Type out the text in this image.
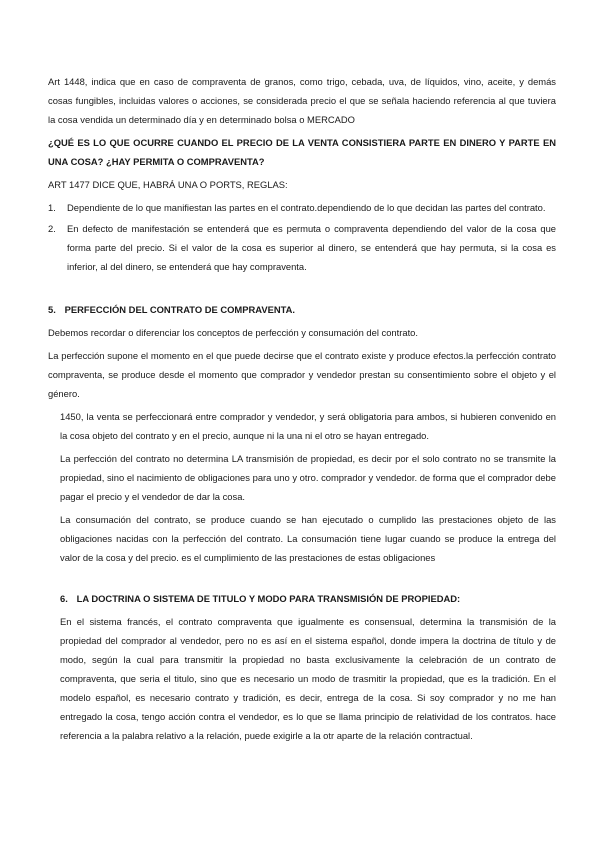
Art 1448, indica que en caso de compraventa de granos, como trigo, cebada, uva, de líquidos, vino, aceite, y demás cosas fungibles, incluidas valores o acciones, se considerada precio el que se señala haciendo referencia al que tuviera la cosa vendida un determinado día y en determinado bolsa o MERCADO

¿QUÉ ES LO QUE OCURRE CUANDO EL PRECIO DE LA VENTA CONSISTIERA PARTE EN DINERO Y PARTE EN UNA COSA? ¿HAY PERMITA O COMPRAVENTA?

ART 1477 DICE QUE, HABRÁ UNA O PORTS, REGLAS:

1. Dependiente de lo que manifiestan las partes en el contrato.dependiendo de lo que decidan las partes del contrato.
2. En defecto de manifestación se entenderá que es permuta o compraventa dependiendo del valor de la cosa que forma parte del precio. Si el valor de la cosa es superior al dinero, se entenderá que hay permuta, si la cosa es inferior, al del dinero, se entenderá que hay compraventa.

5. PERFECCIÓN DEL CONTRATO DE COMPRAVENTA.

Debemos recordar o diferenciar los conceptos de perfección y consumación del contrato.

La perfección supone el momento en el que puede decirse que el contrato existe y produce efectos.la perfección contrato compraventa, se produce desde el momento que comprador y vendedor prestan su consentimiento sobre el objeto y el género.

1450, la venta se perfeccionará entre comprador y vendedor, y será obligatoria para ambos, si hubieren convenido en la cosa objeto del contrato y en el precio, aunque ni la una ni el otro se hayan entregado.

La perfección del contrato no determina LA transmisión de propiedad, es decir por el solo contrato no se transmite la propiedad, sino el nacimiento de obligaciones para uno y otro. comprador y vendedor. de forma que el comprador debe pagar el precio y el vendedor de dar la cosa.

La consumación del contrato, se produce cuando se han ejecutado o cumplido las prestaciones objeto de las obligaciones nacidas con la perfección del contrato. La consumación tiene lugar cuando se produce la entrega del valor de la cosa y del precio. es el cumplimiento de las prestaciones de estas obligaciones

6. LA DOCTRINA O SISTEMA DE TITULO Y MODO PARA TRANSMISIÓN DE PROPIEDAD:

En el sistema francés, el contrato compraventa que igualmente es consensual, determina la transmisión de la propiedad del comprador al vendedor, pero no es así en el sistema español, donde impera la doctrina de título y de modo, según la cual para transmitir la propiedad no basta exclusivamente la celebración de un contrato de compraventa, que seria el titulo, sino que es necesario un modo de trasmitir la propiedad, que es la tradición. En el modelo español, es necesario contrato y tradición, es decir, entrega de la cosa. Si soy comprador y no me han entregado la cosa, tengo acción contra el vendedor, es lo que se llama principio de relatividad de los contratos. hace referencia a la palabra relativo a la relación, puede exigirle a la otr aparte de la relación contractual.
